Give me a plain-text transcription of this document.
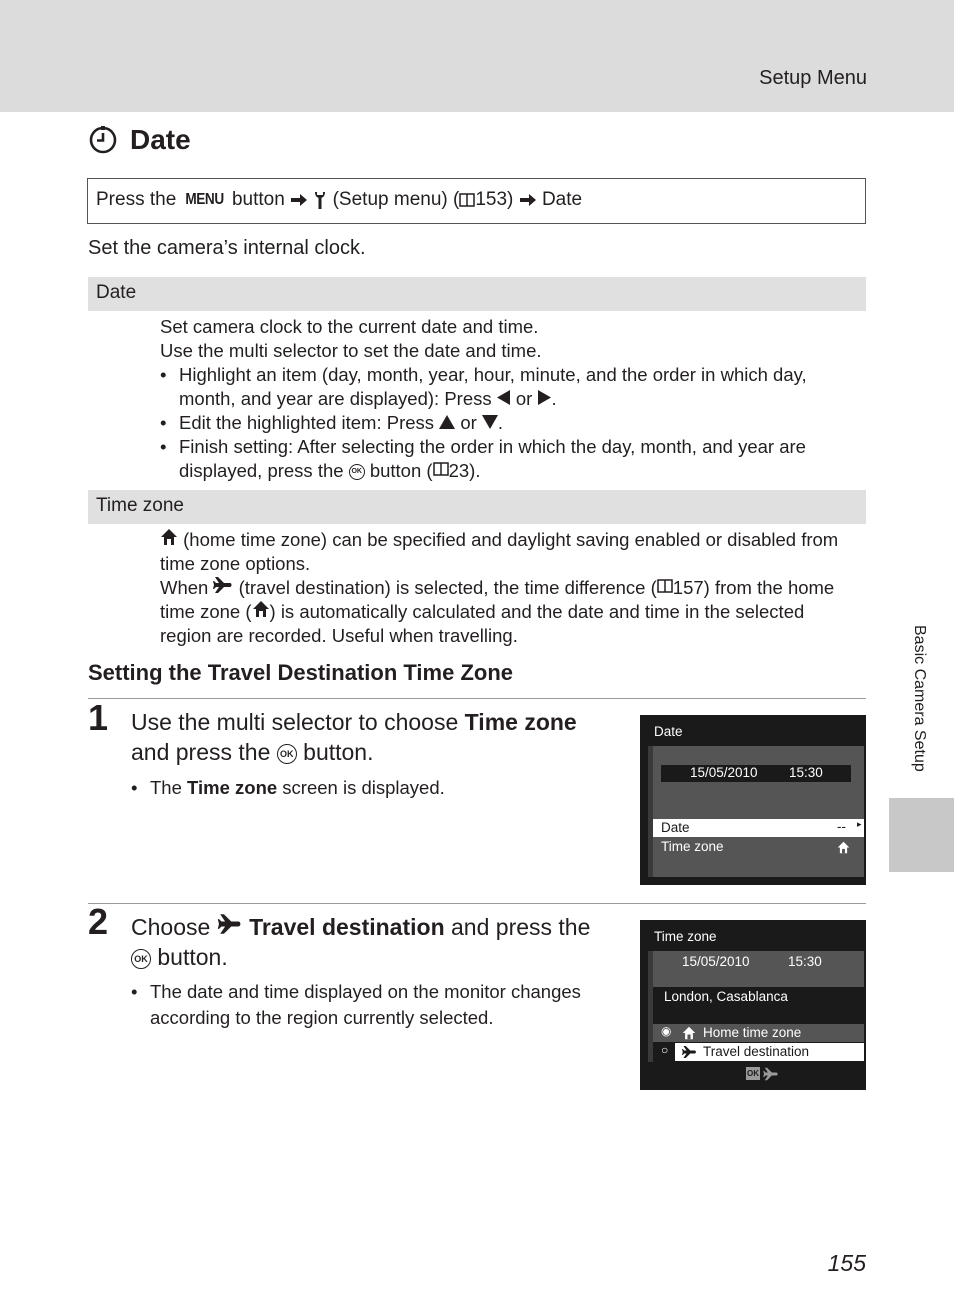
Setup Menu
Date
Press the
MENU
button

	(Setup menu) ( 153)

Date
Set the camera’s internal clock.
Date

Set camera clock to the current date and time.

Use the multi selector to set the date and time.

• Highlight an item (day, month, year, hour, minute, and the order in which day, month, and year are displayed): Press or .
• Edit the highlighted item: Press or .
• Finish setting: After selecting the order in which the day, month, and year are displayed, press the OK button ( 23).
Time zone

(home time zone) can be specified and daylight saving enabled or disabled from time zone options.

When (travel destination) is selected, the time difference ( 157) from the home time zone ( ) is automatically calculated and the date and time in the selected region are recorded. Useful when travelling.

Setting the Travel Destination Time Zone
1 Use the multi selector to choose Time zone
and press the OK button.
• The Time zone screen is displayed.
Date
15/05/2010 15:30
Date	-- ▸
Time zone
2 Choose Travel destination and press the
OK button.
• The date and time displayed on the monitor changes according to the region currently selected.
Time zone
15/05/2010	15:30
London, Casablanca
◉ Home time zone
○	Travel destination
OK
Basic Camera Setup
155
